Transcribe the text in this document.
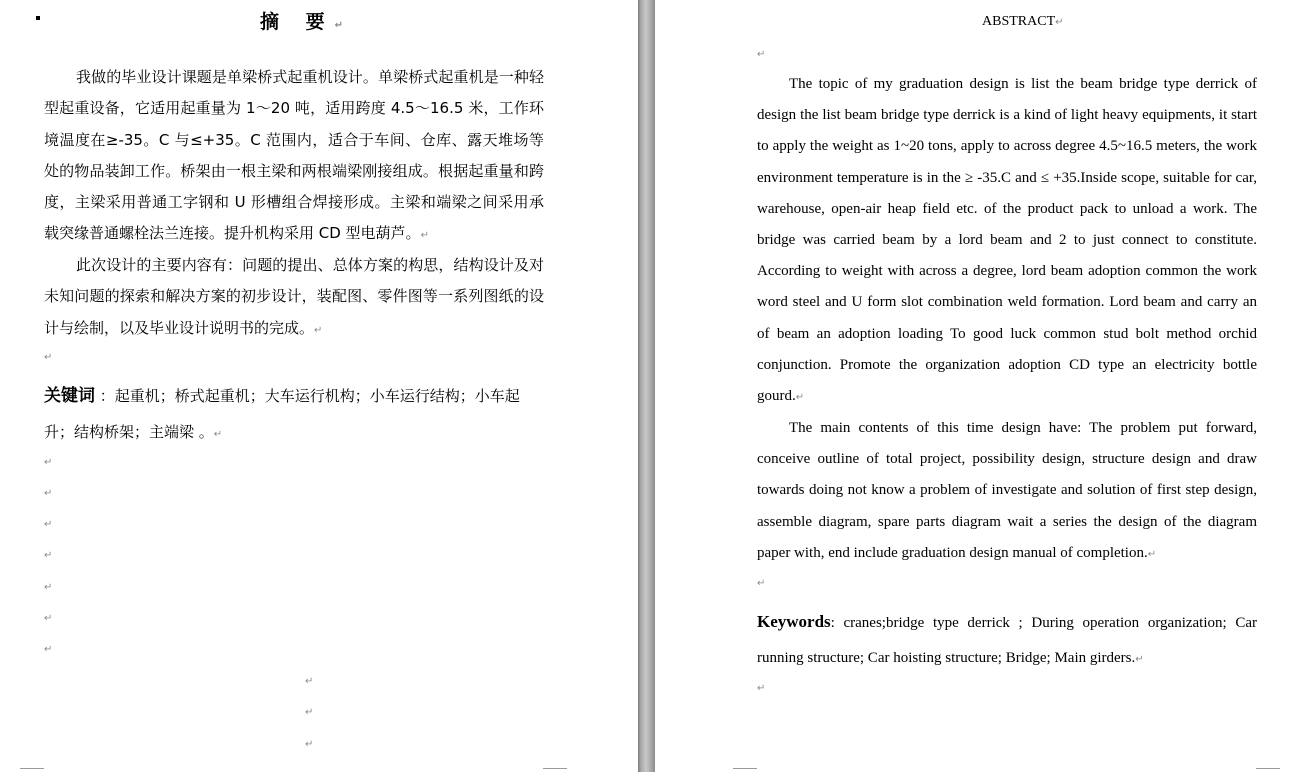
摘 要↵
我做的毕业设计课题是单梁桥式起重机设计。单梁桥式起重机是一种轻型起重设备，它适用起重量为 1～20 吨，适用跨度 4.5～16.5 米，工作环境温度在≥-35。C 与≤+35。C 范围内，适合于车间、仓库、露天堆场等处的物品装卸工作。桥架由一根主梁和两根端梁刚接组成。根据起重量和跨度，主梁采用普通工字钢和 U 形槽组合焊接形成。主梁和端梁之间采用承载突缘普通螺栓法兰连接。提升机构采用 CD 型电葫芦。↵
此次设计的主要内容有：问题的提出、总体方案的构思，结构设计及对未知问题的探索和解决方案的初步设计，装配图、零件图等一系列图纸的设计与绘制，以及毕业设计说明书的完成。↵
↵
关键词 ：起重机；桥式起重机；大车运行机构；小车运行结构；小车起升；结构桥架；主端梁 。↵
↵
↵
↵
↵
↵
↵
↵
↵
↵
↵
ABSTRACT↵
↵
The topic of my graduation design is list the beam bridge type derrick of design the list beam bridge type derrick is a kind of light heavy equipments, it start to apply the weight as 1~20 tons, apply to across degree 4.5~16.5 meters, the work environment temperature is in the ≥ -35.C and ≤ +35.Inside scope, suitable for car, warehouse, open-air heap field etc. of the product pack to unload a work. The bridge was carried beam by a lord beam and 2 to just connect to constitute. According to weight with across a degree, lord beam adoption common the work word steel and U form slot combination weld formation. Lord beam and carry an of beam an adoption loading To good luck common stud bolt method orchid conjunction. Promote the organization adoption CD type an electricity bottle gourd.↵
The main contents of this time design have: The problem put forward, conceive outline of total project, possibility design, structure design and draw towards doing not know a problem of investigate and solution of first step design, assemble diagram, spare parts diagram wait a series the design of the diagram paper with, end include graduation design manual of completion.↵
↵
Keywords: cranes;bridge type derrick ; During operation organization; Car running structure; Car hoisting structure; Bridge; Main girders.↵
↵
